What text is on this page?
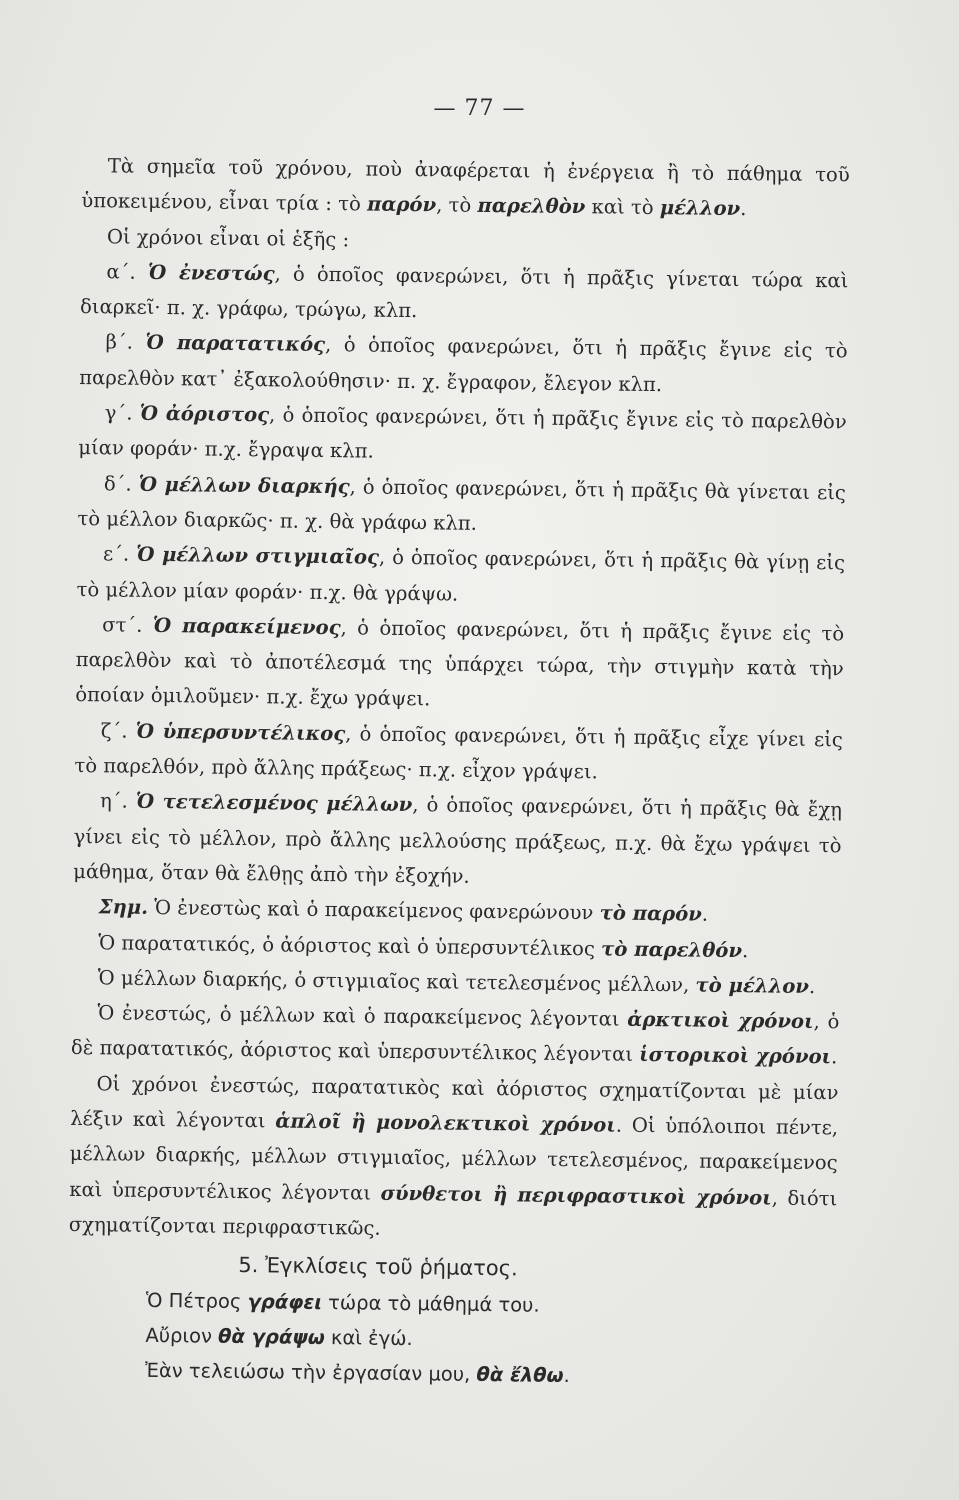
— 77 —

Τὰ σημεῖα τοῦ χρόνου, ποὺ ἀναφέρεται ἡ ἐνέργεια ἢ τὸ πάθημα τοῦ ὑποκειμένου, εἶναι τρία : τὸ παρόν, τὸ παρελθὸν καὶ τὸ μέλλον.

Οἱ χρόνοι εἶναι οἱ ἑξῆς :

α΄. Ὁ ἐνεστώς, ὁ ὁποῖος φανερώνει, ὅτι ἡ πρᾶξις γίνεται τώρα καὶ διαρκεῖ· π. χ. γράφω, τρώγω, κλπ.

β΄. Ὁ παρατατικός, ὁ ὁποῖος φανερώνει, ὅτι ἡ πρᾶξις ἔγινε εἰς τὸ παρελθὸν κατ᾽ ἐξακολούθησιν· π. χ. ἔγραφον, ἔλεγον κλπ.

γ΄. Ὁ ἀόριστος, ὁ ὁποῖος φανερώνει, ὅτι ἡ πρᾶξις ἔγινε εἰς τὸ παρελθὸν μίαν φοράν· π.χ. ἔγραψα κλπ.

δ΄. Ὁ μέλλων διαρκής, ὁ ὁποῖος φανερώνει, ὅτι ἡ πρᾶξις θὰ γίνεται εἰς τὸ μέλλον διαρκῶς· π. χ. θὰ γράφω κλπ.

ε΄. Ὁ μέλλων στιγμιαῖος, ὁ ὁποῖος φανερώνει, ὅτι ἡ πρᾶξις θὰ γίνῃ εἰς τὸ μέλλον μίαν φοράν· π.χ. θὰ γράψω.

στ΄. Ὁ παρακείμενος, ὁ ὁποῖος φανερώνει, ὅτι ἡ πρᾶξις ἔγινε εἰς τὸ παρελθὸν καὶ τὸ ἀποτέλεσμά της ὑπάρχει τώρα, τὴν στιγμὴν κατὰ τὴν ὁποίαν ὁμιλοῦμεν· π.χ. ἔχω γράψει.

ζ΄. Ὁ ὑπερσυντέλικος, ὁ ὁποῖος φανερώνει, ὅτι ἡ πρᾶξις εἶχε γίνει εἰς τὸ παρελθόν, πρὸ ἄλλης πράξεως· π.χ. εἶχον γράψει.

η΄. Ὁ τετελεσμένος μέλλων, ὁ ὁποῖος φανερώνει, ὅτι ἡ πρᾶξις θὰ ἔχῃ γίνει εἰς τὸ μέλλον, πρὸ ἄλλης μελλούσης πράξεως, π.χ. θὰ ἔχω γράψει τὸ μάθημα, ὅταν θὰ ἔλθῃς ἀπὸ τὴν ἐξοχήν.

Σημ. Ὁ ἐνεστὼς καὶ ὁ παρακείμενος φανερώνουν τὸ παρόν.

Ὁ παρατατικός, ὁ ἀόριστος καὶ ὁ ὑπερσυντέλικος τὸ παρελθόν.

Ὁ μέλλων διαρκής, ὁ στιγμιαῖος καὶ τετελεσμένος μέλλων, τὸ μέλλον.

Ὁ ἐνεστώς, ὁ μέλλων καὶ ὁ παρακείμενος λέγονται ἀρκτικοὶ χρόνοι, ὁ δὲ παρατατικός, ἀόριστος καὶ ὑπερσυντέλικος λέγονται ἱστορικοὶ χρόνοι.

Οἱ χρόνοι ἐνεστώς, παρατατικὸς καὶ ἀόριστος σχηματίζονται μὲ μίαν λέξιν καὶ λέγονται ἁπλοῖ ἢ μονολεκτικοὶ χρόνοι. Οἱ ὑπόλοιποι πέντε, μέλλων διαρκής, μέλλων στιγμιαῖος, μέλλων τετελεσμένος, παρακείμενος καὶ ὑπερσυντέλικος λέγονται σύνθετοι ἢ περιφραστικοὶ χρόνοι, διότι σχηματίζονται περιφραστικῶς.

5. Ἐγκλίσεις τοῦ ῥήματος.

Ὁ Πέτρος γράφει τώρα τὸ μάθημά του.

Αὔριον θὰ γράψω καὶ ἐγώ.

Ἐὰν τελειώσω τὴν ἐργασίαν μου, θὰ ἔλθω.
